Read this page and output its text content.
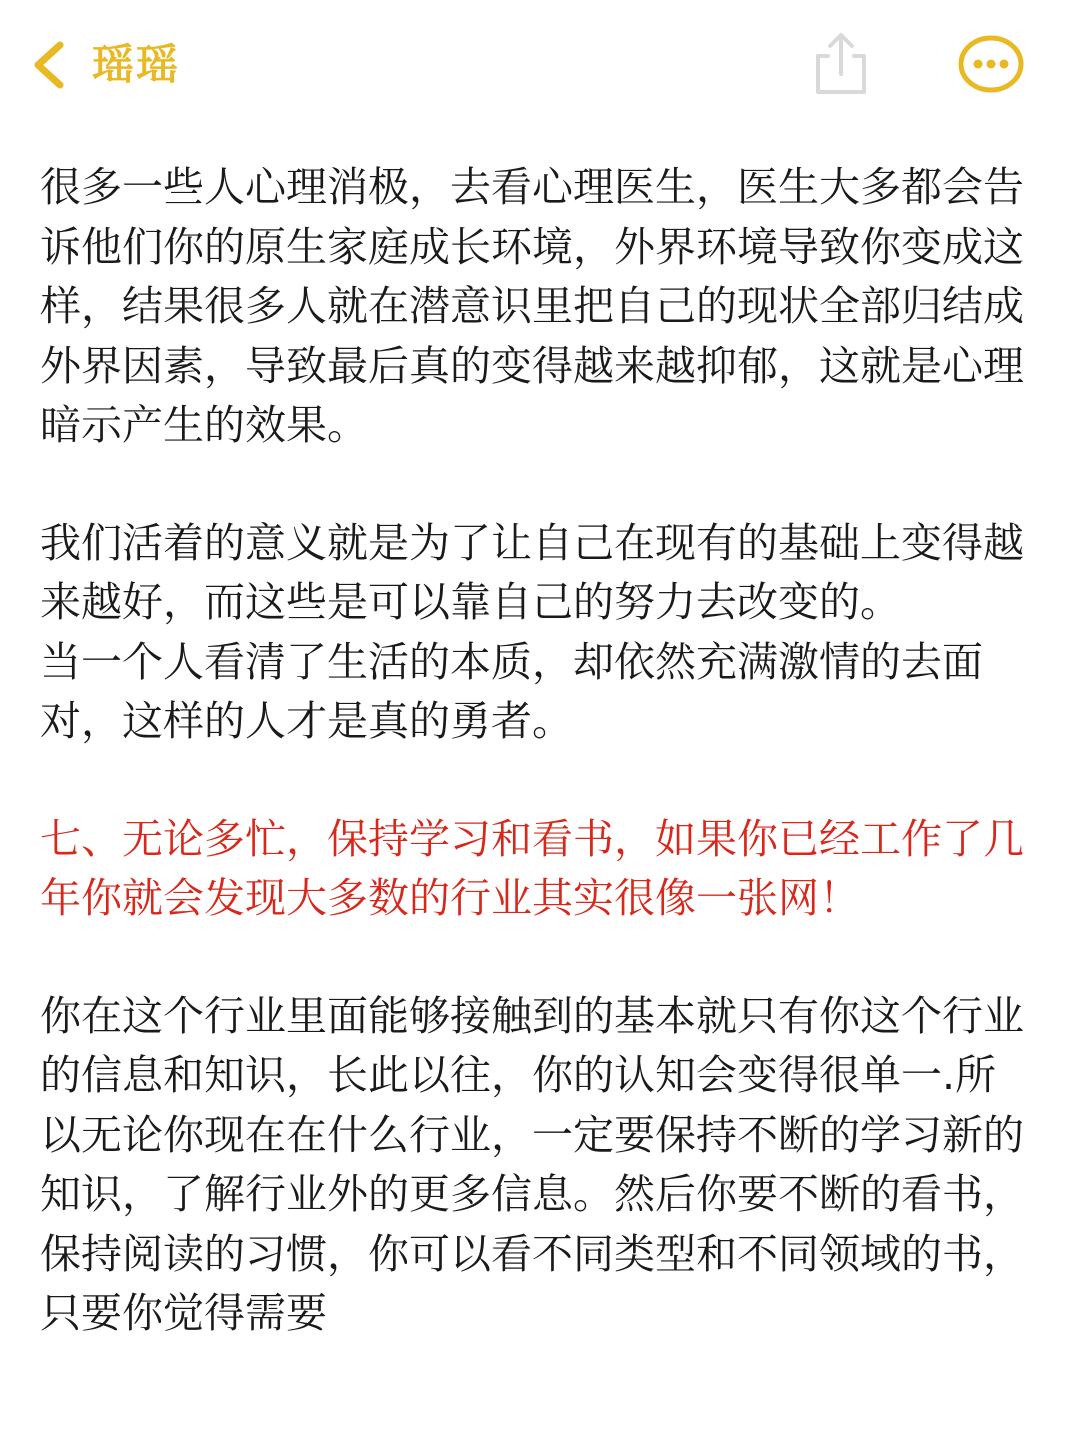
瑶瑶

很多一些人心理消极，去看心理医生，医生大多都会告诉他们你的原生家庭成长环境，外界环境导致你变成这样，结果很多人就在潜意识里把自己的现状全部归结成外界因素，导致最后真的变得越来越抑郁，这就是心理暗示产生的效果。

我们活着的意义就是为了让自己在现有的基础上变得越来越好，而这些是可以靠自己的努力去改变的。
当一个人看清了生活的本质，却依然充满激情的去面对，这样的人才是真的勇者。

七、无论多忙，保持学习和看书，如果你已经工作了几年你就会发现大多数的行业其实很像一张网！

你在这个行业里面能够接触到的基本就只有你这个行业的信息和知识，长此以往，你的认知会变得很单一.所以无论你现在在什么行业，一定要保持不断的学习新的知识，了解行业外的更多信息。然后你要不断的看书，保持阅读的习惯，你可以看不同类型和不同领域的书，只要你觉得需要
